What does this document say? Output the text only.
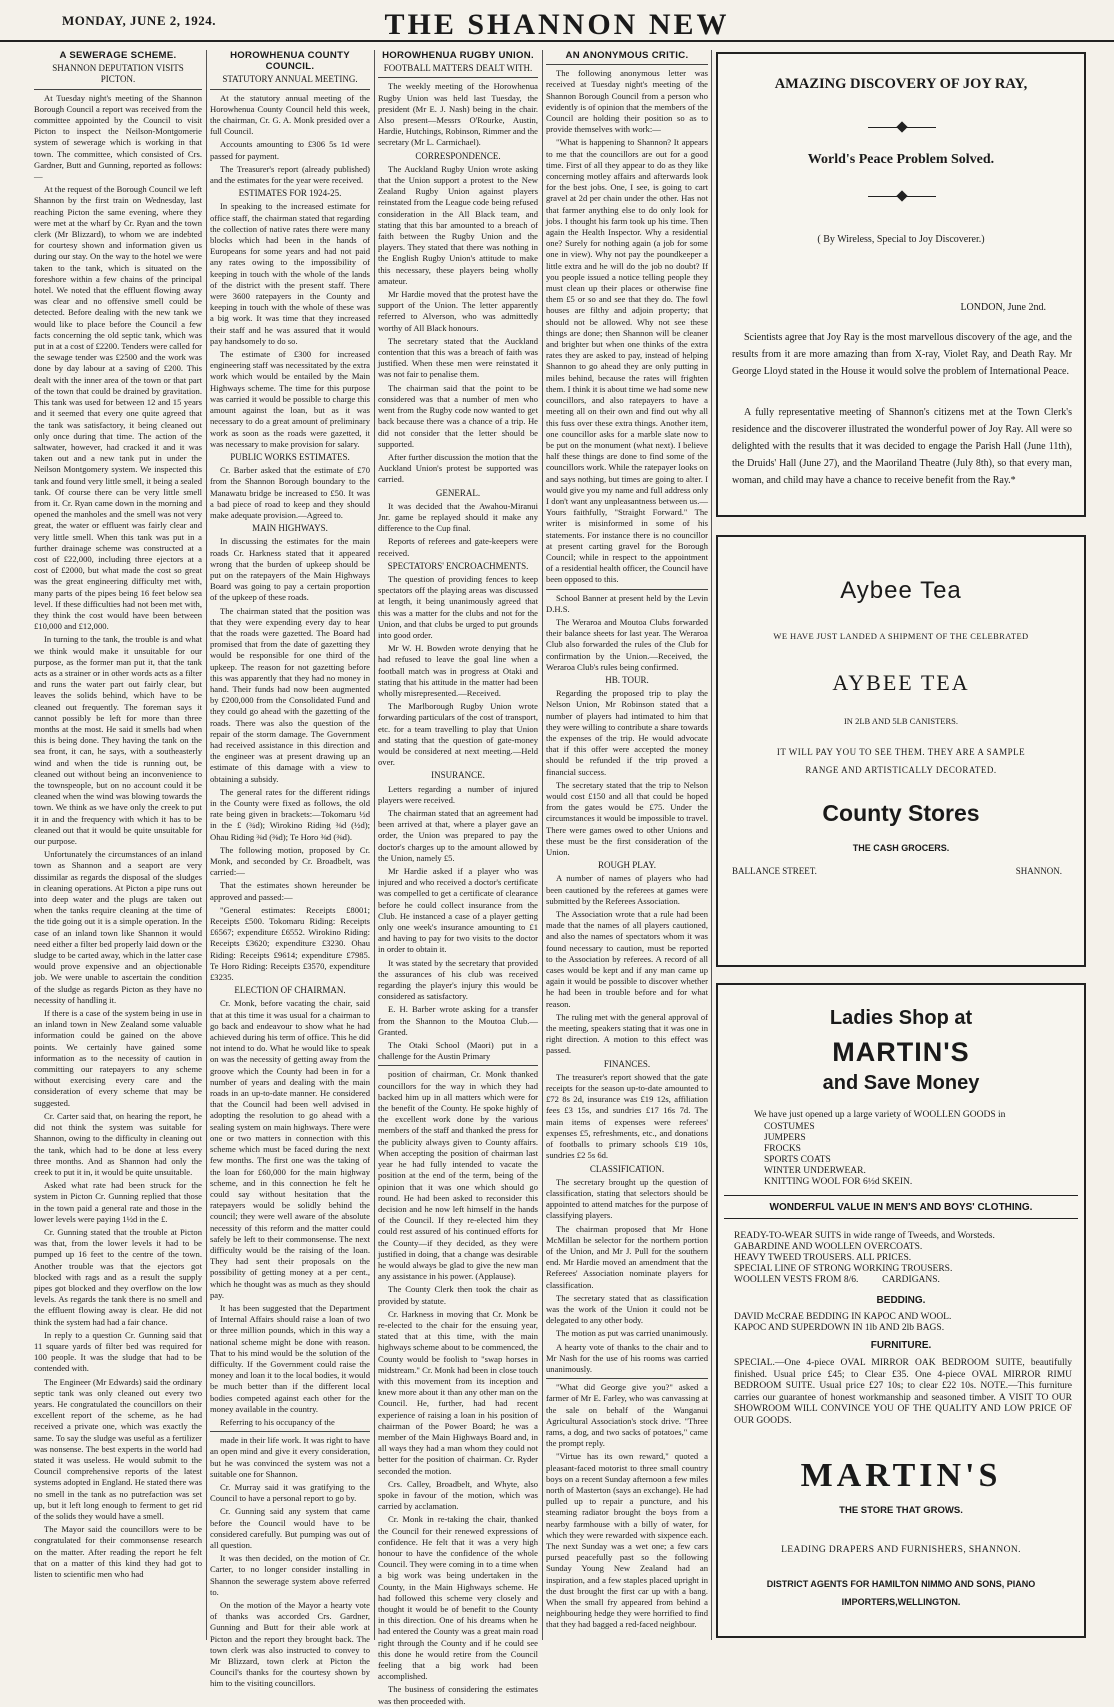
MONDAY, JUNE 2, 1924.	THE SHANNON NEW

A SEWERAGE SCHEME.

SHANNON DEPUTATION VISITS PICTON.

At Tuesday night's meeting of the Shannon Borough Council a report was received from the committee appointed by the Council to visit Picton to inspect the Neilson-Montgomerie system of sewerage which is working in that town. The committee, which consisted of Crs. Gardner, Butt and Gunning, reported as follows:—

At the request of the Borough Council we left Shannon by the first train on Wednesday, last reaching Picton the same evening, where they were met at the wharf by Cr. Ryan and the town clerk (Mr Blizzard), to whom we are indebted for courtesy shown and information given us during our stay. On the way to the hotel we were taken to the tank, which is situated on the foreshore within a few chains of the principal hotel. We noted that the effluent flowing away was clear and no offensive smell could be detected. Before dealing with the new tank we would like to place before the Council a few facts concerning the old septic tank, which was put in at a cost of £2200. Tenders were called for the sewage tender was £2500 and the work was done by day labour at a saving of £200. This dealt with the inner area of the town or that part of the town that could be drained by gravitation. This tank was used for between 12 and 15 years and it seemed that every one quite agreed that the tank was satisfactory, it being cleaned out only once during that time. The action of the saltwater, however, had cracked it and it was taken out and a new tank put in under the Neilson Montgomery system. We inspected this tank and found very little smell, it being a sealed tank. Of course there can be very little smell from it. Cr. Ryan came down in the morning and opened the manholes and the smell was not very great, the water or effluent was fairly clear and very little smell. When this tank was put in a further drainage scheme was constructed at a cost of £22,000, including three ejectors at a cost of £2000, but what made the cost so great was the great engineering difficulty met with, many parts of the pipes being 16 feet below sea level. If these difficulties had not been met with, they think the cost would have been between £10,000 and £12,000.

In turning to the tank, the trouble is and what we think would make it unsuitable for our purpose, as the former man put it, that the tank acts as a strainer or in other words acts as a filter and runs the water part out fairly clear, but leaves the solids behind, which have to be cleaned out frequently. The foreman says it cannot possibly be left for more than three months at the most. He said it smells bad when this is being done. They having the tank on the sea front, it can, he says, with a southeasterly wind and when the tide is running out, be cleaned out without being an inconvenience to the townspeople, but on no account could it be cleaned when the wind was blowing towards the town. We think as we have only the creek to put it in and the frequency with which it has to be cleaned out that it would be quite unsuitable for our purpose.

Unfortunately the circumstances of an inland town as Shannon and a seaport are very dissimilar as regards the disposal of the sludges in cleaning operations. At Picton a pipe runs out into deep water and the plugs are taken out when the tanks require cleaning at the time of the tide going out it is a simple operation. In the case of an inland town like Shannon it would need either a filter bed properly laid down or the sludge to be carted away, which in the latter case would prove expensive and an objectionable job. We were unable to ascertain the condition of the sludge as regards Picton as they have no necessity of handling it.

If there is a case of the system being in use in an inland town in New Zealand some valuable information could be gained on the above points. We certainly have gained some information as to the necessity of caution in committing our ratepayers to any scheme without exercising every care and the consideration of every scheme that may be suggested.

Cr. Carter said that, on hearing the report, he did not think the system was suitable for Shannon, owing to the difficulty in cleaning out the tank, which had to be done at less every three months. And as Shannon had only the creek to put it in, it would be quite unsuitable.

Asked what rate had been struck for the system in Picton Cr. Gunning replied that those in the town paid a general rate and those in the lower levels were paying 1½d in the £.

Cr. Gunning stated that the trouble at Picton was that, from the lower levels it had to be pumped up 16 feet to the centre of the town. Another trouble was that the ejectors got blocked with rags and as a result the supply pipes got blocked and they overflow on the low levels. As regards the tank there is no smell and the effluent flowing away is clear. He did not think the system had had a fair chance.

In reply to a question Cr. Gunning said that 11 square yards of filter bed was required for 100 people. It was the sludge that had to be contended with.

The Engineer (Mr Edwards) said the ordinary septic tank was only cleaned out every two years. He congratulated the councillors on their excellent report of the scheme, as he had received a private one, which was exactly the same. To say the sludge was useful as a fertilizer was nonsense. The best experts in the world had stated it was useless. He would submit to the Council comprehensive reports of the latest systems adopted in England. He stated there was no smell in the tank as no putrefaction was set up, but it left long enough to ferment to get rid of the solids they would have a smell.

The Mayor said the councillors were to be congratulated for their commonsense research on the matter. After reading the report he felt that on a matter of this kind they had got to listen to scientific men who had

HOROWHENUA COUNTY COUNCIL.

STATUTORY ANNUAL MEETING.

At the statutory annual meeting of the Horowhenua County Council held this week, the chairman, Cr. G. A. Monk presided over a full Council.

Accounts amounting to £306 5s 1d were passed for payment.

The Treasurer's report (already published) and the estimates for the year were received.

ESTIMATES FOR 1924-25.

In speaking to the increased estimate for office staff, the chairman stated that regarding the collection of native rates there were many blocks which had been in the hands of Europeans for some years and had not paid any rates owing to the impossibility of keeping in touch with the whole of the lands of the district with the present staff. There were 3600 ratepayers in the County and keeping in touch with the whole of these was a big work. It was time that they increased their staff and he was assured that it would pay handsomely to do so.

The estimate of £300 for increased engineering staff was necessitated by the extra work which would be entailed by the Main Highways scheme. The time for this purpose was carried it would be possible to charge this amount against the loan, but as it was necessary to do a great amount of preliminary work as soon as the roads were gazetted, it was necessary to make provision for salary.

PUBLIC WORKS ESTIMATES.

Cr. Barber asked that the estimate of £70 from the Shannon Borough boundary to the Manawatu bridge be increased to £50. It was a bad piece of road to keep and they should make adequate provision.—Agreed to.

MAIN HIGHWAYS.

In discussing the estimates for the main roads Cr. Harkness stated that it appeared wrong that the burden of upkeep should be put on the ratepayers of the Main Highways Board was going to pay a certain proportion of the upkeep of these roads.

The chairman stated that the position was that they were expending every day to hear that the roads were gazetted. The Board had promised that from the date of gazetting they would be responsible for one third of the upkeep. The reason for not gazetting before this was apparently that they had no money in hand. Their funds had now been augmented by £200,000 from the Consolidated Fund and they could go ahead with the gazetting of the roads. There was also the question of the repair of the storm damage. The Government had received assistance in this direction and the engineer was at present drawing up an estimate of this damage with a view to obtaining a subsidy.

The general rates for the different ridings in the County were fixed as follows, the old rate being given in brackets:—Tokomaru ½d in the £ (¾d); Wirokino Riding ⅜d (½d); Ohau Riding ⅜d (⅜d); Te Horo ⅜d (⅜d).

The following motion, proposed by Cr. Monk, and seconded by Cr. Broadbelt, was carried:—

That the estimates shown hereunder be approved and passed:—

"General estimates: Receipts £8001; Receipts £500. Tokomaru Riding: Receipts £6567; expenditure £6552. Wirokino Riding: Receipts £3620; expenditure £3230. Ohau Riding: Receipts £9614; expenditure £7985. Te Horo Riding: Receipts £3570, expenditure £3235.

ELECTION OF CHAIRMAN.

Cr. Monk, before vacating the chair, said that at this time it was usual for a chairman to go back and endeavour to show what he had achieved during his term of office. This he did not intend to do. What he would like to speak on was the necessity of getting away from the groove which the County had been in for a number of years and dealing with the main roads in an up-to-date manner. He considered that the Council had been well advised in adopting the resolution to go ahead with a sealing system on main highways. There were one or two matters in connection with this scheme which must be faced during the next few months. The first one was the taking of the loan for £60,000 for the main highway scheme, and in this connection he felt he could say without hesitation that the ratepayers would be solidly behind the council; they were well aware of the absolute necessity of this reform and the matter could safely be left to their commonsense. The next difficulty would be the raising of the loan. They had sent their proposals on the possibility of getting money at a per cent., which he thought was as much as they should pay.

It has been suggested that the Department of Internal Affairs should raise a loan of two or three million pounds, which in this way a national scheme might be done with reason. That to his mind would be the solution of the difficulty. If the Government could raise the money and loan it to the local bodies, it would be much better than if the different local bodies competed against each other for the money available in the country.

Referring to his occupancy of the

made in their life work. It was right to have an open mind and give it every consideration, but he was convinced the system was not a suitable one for Shannon.

Cr. Murray said it was gratifying to the Council to have a personal report to go by.

Cr. Gunning said any system that came before the Council would have to be considered carefully. But pumping was out of all question.

It was then decided, on the motion of Cr. Carter, to no longer consider installing in Shannon the sewerage system above referred to.

On the motion of the Mayor a hearty vote of thanks was accorded Crs. Gardner, Gunning and Butt for their able work at Picton and the report they brought back. The town clerk was also instructed to convey to Mr Blizzard, town clerk at Picton the Council's thanks for the courtesy shown by him to the visiting councillors.

HOROWHENUA RUGBY UNION.

FOOTBALL MATTERS DEALT WITH.

The weekly meeting of the Horowhenua Rugby Union was held last Tuesday, the president (Mr E. J. Nash) being in the chair. Also present—Messrs O'Rourke, Austin, Hardie, Hutchings, Robinson, Rimmer and the secretary (Mr L. Carmichael).

CORRESPONDENCE.

The Auckland Rugby Union wrote asking that the Union support a protest to the New Zealand Rugby Union against players reinstated from the League code being refused consideration in the All Black team, and stating that this bar amounted to a breach of faith between the Rugby Union and the players. They stated that there was nothing in the English Rugby Union's attitude to make this necessary, these players being wholly amateur.

Mr Hardie moved that the protest have the support of the Union. The letter apparently referred to Alverson, who was admittedly worthy of All Black honours.

The secretary stated that the Auckland contention that this was a breach of faith was justified. When these men were reinstated it was not fair to penalise them.

The chairman said that the point to be considered was that a number of men who went from the Rugby code now wanted to get back because there was a chance of a trip. He did not consider that the letter should be supported.

After further discussion the motion that the Auckland Union's protest be supported was carried.

GENERAL.

It was decided that the Awahou-Miranui Jnr. game be replayed should it make any difference to the Cup final.

Reports of referees and gate-keepers were received.

SPECTATORS' ENCROACHMENTS.

The question of providing fences to keep spectators off the playing areas was discussed at length, it being unanimously agreed that this was a matter for the clubs and not for the Union, and that clubs be urged to put grounds into good order.

Mr W. H. Bowden wrote denying that he had refused to leave the goal line when a football match was in progress at Otaki and stating that his attitude in the matter had been wholly misrepresented.—Received.

The Marlborough Rugby Union wrote forwarding particulars of the cost of transport, etc. for a team travelling to play that Union and stating that the question of gate-money would be considered at next meeting.—Held over.

INSURANCE.

Letters regarding a number of injured players were received.

The chairman stated that an agreement had been arrived at that, where a player gave an order, the Union was prepared to pay the doctor's charges up to the amount allowed by the Union, namely £5.

Mr Hardie asked if a player who was injured and who received a doctor's certificate was compelled to get a certificate of clearance before he could collect insurance from the Club. He instanced a case of a player getting only one week's insurance amounting to £1 and having to pay for two visits to the doctor in order to obtain it.

It was stated by the secretary that provided the assurances of his club was received regarding the player's injury this would be considered as satisfactory.

E. H. Barber wrote asking for a transfer from the Shannon to the Moutoa Club.—Granted.

The Otaki School (Maori) put in a challenge for the Austin Primary

position of chairman, Cr. Monk thanked councillors for the way in which they had backed him up in all matters which were for the benefit of the County. He spoke highly of the excellent work done by the various members of the staff and thanked the press for the publicity always given to County affairs. When accepting the position of chairman last year he had fully intended to vacate the position at the end of the term, being of the opinion that it was one which should go round. He had been asked to reconsider this decision and he now left himself in the hands of the Council. If they re-elected him they could rest assured of his continued efforts for the County—if they decided, as they were justified in doing, that a change was desirable he would always be glad to give the new man any assistance in his power. (Applause).

The County Clerk then took the chair as provided by statute.

Cr. Harkness in moving that Cr. Monk be re-elected to the chair for the ensuing year, stated that at this time, with the main highways scheme about to be commenced, the County would be foolish to "swap horses in midstream." Cr. Monk had been in close touch with this movement from its inception and knew more about it than any other man on the Council. He, further, had had recent experience of raising a loan in his position of chairman of the Power Board; he was a member of the Main Highways Board and, in all ways they had a man whom they could not better for the position of chairman. Cr. Ryder seconded the motion.

Crs. Calley, Broadbelt, and Whyte, also spoke in favour of the motion, which was carried by acclamation.

Cr. Monk in re-taking the chair, thanked the Council for their renewed expressions of confidence. He felt that it was a very high honour to have the confidence of the whole Council. They were coming in to a time when a big work was being undertaken in the County, in the Main Highways scheme. He had followed this scheme very closely and thought it would be of benefit to the County in this direction. One of his dreams when he had entered the County was a great main road right through the County and if he could see this done he would retire from the Council feeling that a big work had been accomplished.

The business of considering the estimates was then proceeded with.

AN ANONYMOUS CRITIC.

The following anonymous letter was received at Tuesday night's meeting of the Shannon Borough Council from a person who evidently is of opinion that the members of the Council are holding their position so as to provide themselves with work:—

"What is happening to Shannon? It appears to me that the councillors are out for a good time. First of all they appear to do as they like concerning motley affairs and afterwards look for the best jobs. One, I see, is going to cart gravel at 2d per chain under the other. Has not that farmer anything else to do only look for jobs. I thought his farm took up his time. Then again the Health Inspector. Why a residential one? Surely for nothing again (a job for some one in view). Why not pay the poundkeeper a little extra and he will do the job no doubt? If you people issued a notice telling people they must clean up their places or otherwise fine them £5 or so and see that they do. The fowl houses are filthy and adjoin property; that should not be allowed. Why not see these things are done; then Shannon will be cleaner and brighter but when one thinks of the extra rates they are asked to pay, instead of helping Shannon to go ahead they are only putting in miles behind, because the rates will frighten them. I think it is about time we had some new councillors, and also ratepayers to have a meeting all on their own and find out why all this fuss over these extra things. Another item, one councillor asks for a marble slate now to be put on the monument (what next). I believe half these things are done to find some of the councillors work. While the ratepayer looks on and says nothing, but times are going to alter. I would give you my name and full address only I don't want any unpleasantness between us.—Yours faithfully, "Straight Forward." The writer is misinformed in some of his statements. For instance there is no councillor at present carting gravel for the Borough Council; while in respect to the appointment of a residential health officer, the Council have been opposed to this.

School Banner at present held by the Levin D.H.S.

The Weraroa and Moutoa Clubs forwarded their balance sheets for last year. The Weraroa Club also forwarded the rules of the Club for confirmation by the Union.—Received, the Weraroa Club's rules being confirmed.

HB. TOUR.

Regarding the proposed trip to play the Nelson Union, Mr Robinson stated that a number of players had intimated to him that they were willing to contribute a share towards the expenses of the trip. He would advocate that if this offer were accepted the money should be refunded if the trip proved a financial success.

The secretary stated that the trip to Nelson would cost £150 and all that could be hoped from the gates would be £75. Under the circumstances it would be impossible to travel. There were games owed to other Unions and these must be the first consideration of the Union.

ROUGH PLAY.

A number of names of players who had been cautioned by the referees at games were submitted by the Referees Association.

The Association wrote that a rule had been made that the names of all players cautioned, and also the names of spectators whom it was found necessary to caution, must be reported to the Association by referees. A record of all cases would be kept and if any man came up again it would be possible to discover whether he had been in trouble before and for what reason.

The ruling met with the general approval of the meeting, speakers stating that it was one in right direction. A motion to this effect was passed.

FINANCES.

The treasurer's report showed that the gate receipts for the season up-to-date amounted to £72 8s 2d, insurance was £19 12s, affiliation fees £3 15s, and sundries £17 16s 7d. The main items of expenses were referees' expenses £5, refreshments, etc., and donations of footballs to primary schools £19 10s, sundries £2 5s 6d.

CLASSIFICATION.

The secretary brought up the question of classification, stating that selectors should be appointed to attend matches for the purpose of classifying players.

The chairman proposed that Mr Hone McMillan be selector for the northern portion of the Union, and Mr J. Pull for the southern end. Mr Hardie moved an amendment that the Referees' Association nominate players for classification.

The secretary stated that as classification was the work of the Union it could not be delegated to any other body.

The motion as put was carried unanimously.

A hearty vote of thanks to the chair and to Mr Nash for the use of his rooms was carried unanimously.

"What did George give you?" asked a farmer of Mr E. Farley, who was canvassing at the sale on behalf of the Wanganui Agricultural Association's stock drive. "Three rams, a dog, and two sacks of potatoes," came the prompt reply.

"Virtue has its own reward," quoted a pleasant-faced motorist to three small country boys on a recent Sunday afternoon a few miles north of Masterton (says an exchange). He had pulled up to repair a puncture, and his steaming radiator brought the boys from a nearby farmhouse with a billy of water, for which they were rewarded with sixpence each. The next Sunday was a wet one; a few cars pursed peacefully past so the following Sunday Young New Zealand had an inspiration, and a few staples placed upright in the dust brought the first car up with a bang. When the small fry appeared from behind a neighbouring hedge they were horrified to find that they had bagged a red-faced neighbour.

AMAZING DISCOVERY OF JOY RAY,
World's Peace Problem Solved.
( By Wireless, Special to Joy Discoverer.)
LONDON, June 2nd.
Scientists agree that Joy Ray is the most marvellous discovery of the age, and the results from it are more amazing than from X-ray, Violet Ray, and Death Ray. Mr George Lloyd stated in the House it would solve the problem of International Peace.
A fully representative meeting of Shannon's citizens met at the Town Clerk's residence and the discoverer illustrated the wonderful power of Joy Ray. All were so delighted with the results that it was decided to engage the Parish Hall (June 11th), the Druids' Hall (June 27), and the Maoriland Theatre (July 8th), so that every man, woman, and child may have a chance to receive benefit from the Ray.*
Aybee Tea
WE HAVE JUST LANDED A SHIPMENT OF THE CELEBRATED
AYBEE TEA
IN 2LB AND 5LB CANISTERS.
IT WILL PAY YOU TO SEE THEM. THEY ARE A SAMPLE
RANGE AND ARTISTICALLY DECORATED.
County Stores
THE CASH GROCERS.
BALLANCE STREET.	SHANNON.
Ladies Shop at
MARTIN'S
and Save Money
We have just opened up a large variety of WOOLLEN GOODS in
COSTUMES
JUMPERS
FROCKS
SPORTS COATS
WINTER UNDERWEAR.
KNITTING WOOL FOR 6½d SKEIN.
WONDERFUL VALUE IN MEN'S AND BOYS' CLOTHING.
READY-TO-WEAR SUITS in wide range of Tweeds, and Worsteds.
GABARDINE AND WOOLLEN OVERCOATS.
HEAVY TWEED TROUSERS. ALL PRICES.
SPECIAL LINE OF STRONG WORKING TROUSERS.
WOOLLEN VESTS FROM 8/6.          CARDIGANS.
BEDDING.
DAVID McCRAE BEDDING IN KAPOC AND WOOL.
KAPOC AND SUPERDOWN IN 1lb AND 2lb BAGS.
FURNITURE.
SPECIAL.—One 4-piece OVAL MIRROR OAK BEDROOM SUITE, beautifully finished. Usual price £45; to Clear £35. One 4-piece OVAL MIRROR RIMU BEDROOM SUITE. Usual price £27 10s; to clear £22 10s. NOTE.—This furniture carries our guarantee of honest workmanship and seasoned timber. A VISIT TO OUR SHOWROOM WILL CONVINCE YOU OF THE QUALITY AND LOW PRICE OF OUR GOODS.
MARTIN'S
THE STORE THAT GROWS.
LEADING DRAPERS AND FURNISHERS, SHANNON.
DISTRICT AGENTS FOR HAMILTON NIMMO AND SONS, PIANO
IMPORTERS,WELLINGTON.
